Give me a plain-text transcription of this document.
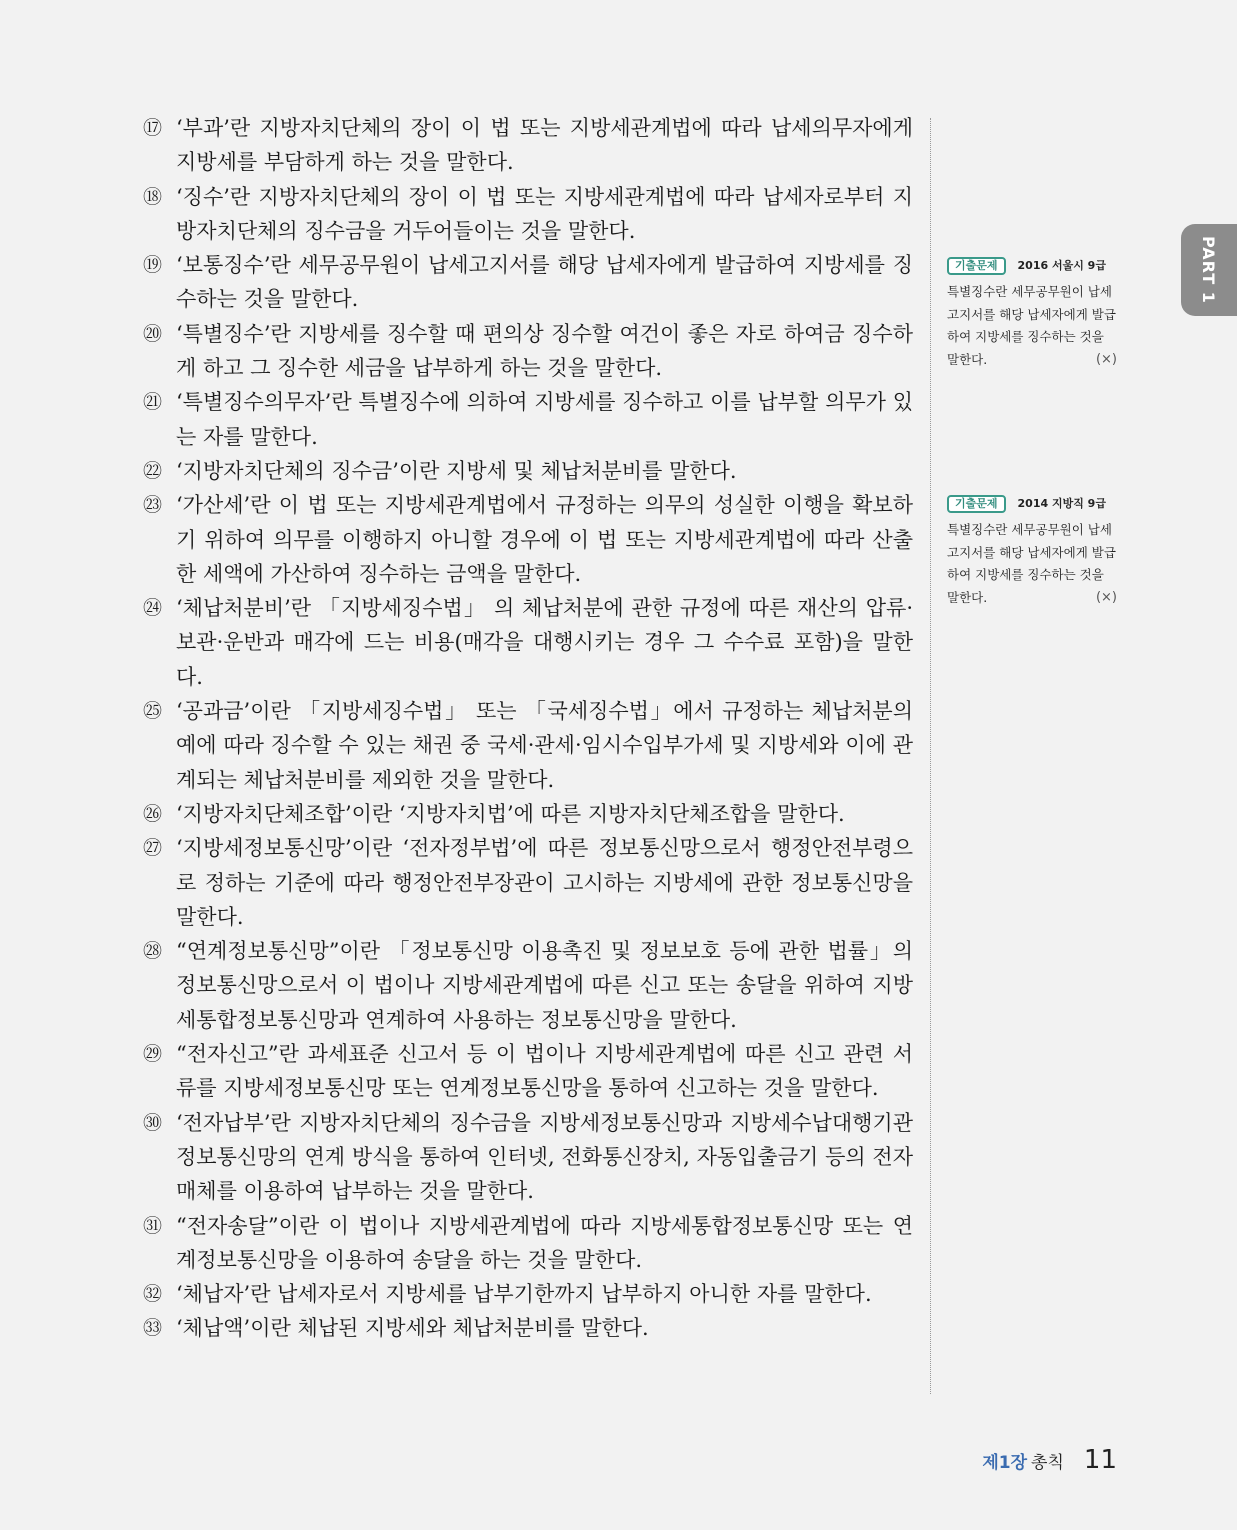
⑰ ‘부과’란 지방자치단체의 장이 이 법 또는 지방세관계법에 따라 납세의무자에게 지방세를 부담하게 하는 것을 말한다.
⑱ ‘징수’란 지방자치단체의 장이 이 법 또는 지방세관계법에 따라 납세자로부터 지방자치단체의 징수금을 거두어들이는 것을 말한다.
⑲ ‘보통징수’란 세무공무원이 납세고지서를 해당 납세자에게 발급하여 지방세를 징수하는 것을 말한다.
⑳ ‘특별징수’란 지방세를 징수할 때 편의상 징수할 여건이 좋은 자로 하여금 징수하게 하고 그 징수한 세금을 납부하게 하는 것을 말한다.
㉑ ‘특별징수의무자’란 특별징수에 의하여 지방세를 징수하고 이를 납부할 의무가 있는 자를 말한다.
㉒ ‘지방자치단체의 징수금’이란 지방세 및 체납처분비를 말한다.
㉓ ‘가산세’란 이 법 또는 지방세관계법에서 규정하는 의무의 성실한 이행을 확보하기 위하여 의무를 이행하지 아니할 경우에 이 법 또는 지방세관계법에 따라 산출한 세액에 가산하여 징수하는 금액을 말한다.
㉔ ‘체납처분비’란 「지방세징수법」 의 체납처분에 관한 규정에 따른 재산의 압류·보관·운반과 매각에 드는 비용(매각을 대행시키는 경우 그 수수료 포함)을 말한다.
㉕ ‘공과금’이란 「지방세징수법」 또는 「국세징수법」에서 규정하는 체납처분의 예에 따라 징수할 수 있는 채권 중 국세·관세·임시수입부가세 및 지방세와 이에 관계되는 체납처분비를 제외한 것을 말한다.
㉖ ‘지방자치단체조합’이란 ‘지방자치법’에 따른 지방자치단체조합을 말한다.
㉗ ‘지방세정보통신망’이란 ‘전자정부법’에 따른 정보통신망으로서 행정안전부령으로 정하는 기준에 따라 행정안전부장관이 고시하는 지방세에 관한 정보통신망을 말한다.
㉘ “연계정보통신망”이란 「정보통신망 이용촉진 및 정보보호 등에 관한 법률」의 정보통신망으로서 이 법이나 지방세관계법에 따른 신고 또는 송달을 위하여 지방세통합정보통신망과 연계하여 사용하는 정보통신망을 말한다.
㉙ “전자신고”란 과세표준 신고서 등 이 법이나 지방세관계법에 따른 신고 관련 서류를 지방세정보통신망 또는 연계정보통신망을 통하여 신고하는 것을 말한다.
㉚ ‘전자납부’란 지방자치단체의 징수금을 지방세정보통신망과 지방세수납대행기관 정보통신망의 연계 방식을 통하여 인터넷, 전화통신장치, 자동입출금기 등의 전자매체를 이용하여 납부하는 것을 말한다.
㉛ “전자송달”이란 이 법이나 지방세관계법에 따라 지방세통합정보통신망 또는 연계정보통신망을 이용하여 송달을 하는 것을 말한다.
㉜ ‘체납자’란 납세자로서 지방세를 납부기한까지 납부하지 아니한 자를 말한다.
㉝ ‘체납액’이란 체납된 지방세와 체납처분비를 말한다.
기출문제	2016 서울시 9급
특별징수란 세무공무원이 납세고지서를 해당 납세자에게 발급하여 지방세를 징수하는 것을 말한다.	(×)
기출문제	2014 지방직 9급
특별징수란 세무공무원이 납세고지서를 해당 납세자에게 발급하여 지방세를 징수하는 것을 말한다.	(×)
PART 1
제1장 총칙 11
